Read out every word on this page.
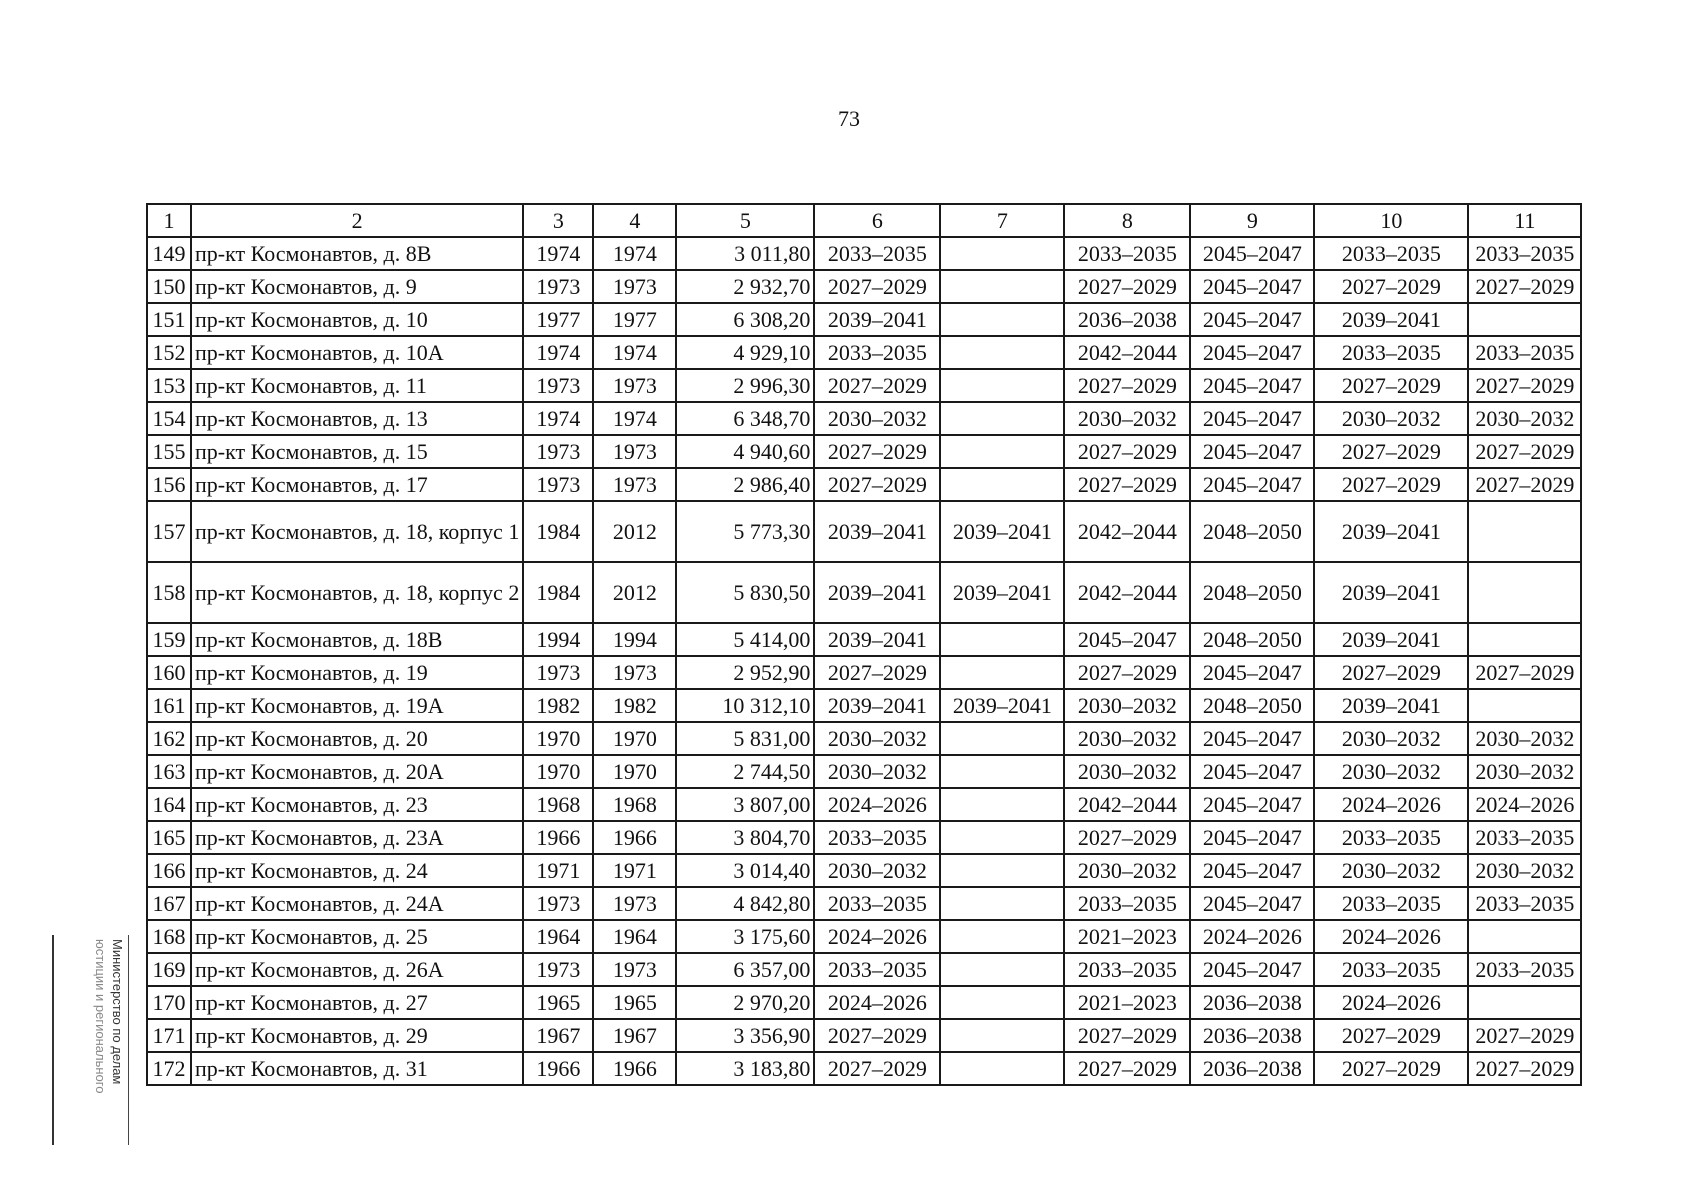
73
1	2	3	4	5	6	7	8	9	10	11
149	пр-кт Космонавтов, д. 8В	1974	1974	3 011,80	2033–2035		2033–2035	2045–2047	2033–2035	2033–2035
150	пр-кт Космонавтов, д. 9	1973	1973	2 932,70	2027–2029		2027–2029	2045–2047	2027–2029	2027–2029
151	пр-кт Космонавтов, д. 10	1977	1977	6 308,20	2039–2041		2036–2038	2045–2047	2039–2041	
152	пр-кт Космонавтов, д. 10А	1974	1974	4 929,10	2033–2035		2042–2044	2045–2047	2033–2035	2033–2035
153	пр-кт Космонавтов, д. 11	1973	1973	2 996,30	2027–2029		2027–2029	2045–2047	2027–2029	2027–2029
154	пр-кт Космонавтов, д. 13	1974	1974	6 348,70	2030–2032		2030–2032	2045–2047	2030–2032	2030–2032
155	пр-кт Космонавтов, д. 15	1973	1973	4 940,60	2027–2029		2027–2029	2045–2047	2027–2029	2027–2029
156	пр-кт Космонавтов, д. 17	1973	1973	2 986,40	2027–2029		2027–2029	2045–2047	2027–2029	2027–2029
157	пр-кт Космонавтов, д. 18, корпус 1	1984	2012	5 773,30	2039–2041	2039–2041	2042–2044	2048–2050	2039–2041	
158	пр-кт Космонавтов, д. 18, корпус 2	1984	2012	5 830,50	2039–2041	2039–2041	2042–2044	2048–2050	2039–2041	
159	пр-кт Космонавтов, д. 18В	1994	1994	5 414,00	2039–2041		2045–2047	2048–2050	2039–2041	
160	пр-кт Космонавтов, д. 19	1973	1973	2 952,90	2027–2029		2027–2029	2045–2047	2027–2029	2027–2029
161	пр-кт Космонавтов, д. 19А	1982	1982	10 312,10	2039–2041	2039–2041	2030–2032	2048–2050	2039–2041	
162	пр-кт Космонавтов, д. 20	1970	1970	5 831,00	2030–2032		2030–2032	2045–2047	2030–2032	2030–2032
163	пр-кт Космонавтов, д. 20А	1970	1970	2 744,50	2030–2032		2030–2032	2045–2047	2030–2032	2030–2032
164	пр-кт Космонавтов, д. 23	1968	1968	3 807,00	2024–2026		2042–2044	2045–2047	2024–2026	2024–2026
165	пр-кт Космонавтов, д. 23А	1966	1966	3 804,70	2033–2035		2027–2029	2045–2047	2033–2035	2033–2035
166	пр-кт Космонавтов, д. 24	1971	1971	3 014,40	2030–2032		2030–2032	2045–2047	2030–2032	2030–2032
167	пр-кт Космонавтов, д. 24А	1973	1973	4 842,80	2033–2035		2033–2035	2045–2047	2033–2035	2033–2035
168	пр-кт Космонавтов, д. 25	1964	1964	3 175,60	2024–2026		2021–2023	2024–2026	2024–2026	
169	пр-кт Космонавтов, д. 26А	1973	1973	6 357,00	2033–2035		2033–2035	2045–2047	2033–2035	2033–2035
170	пр-кт Космонавтов, д. 27	1965	1965	2 970,20	2024–2026		2021–2023	2036–2038	2024–2026	
171	пр-кт Космонавтов, д. 29	1967	1967	3 356,90	2027–2029		2027–2029	2036–2038	2027–2029	2027–2029
172	пр-кт Космонавтов, д. 31	1966	1966	3 183,80	2027–2029		2027–2029	2036–2038	2027–2029	2027–2029
Министерство по делам
юстиции и регионального
